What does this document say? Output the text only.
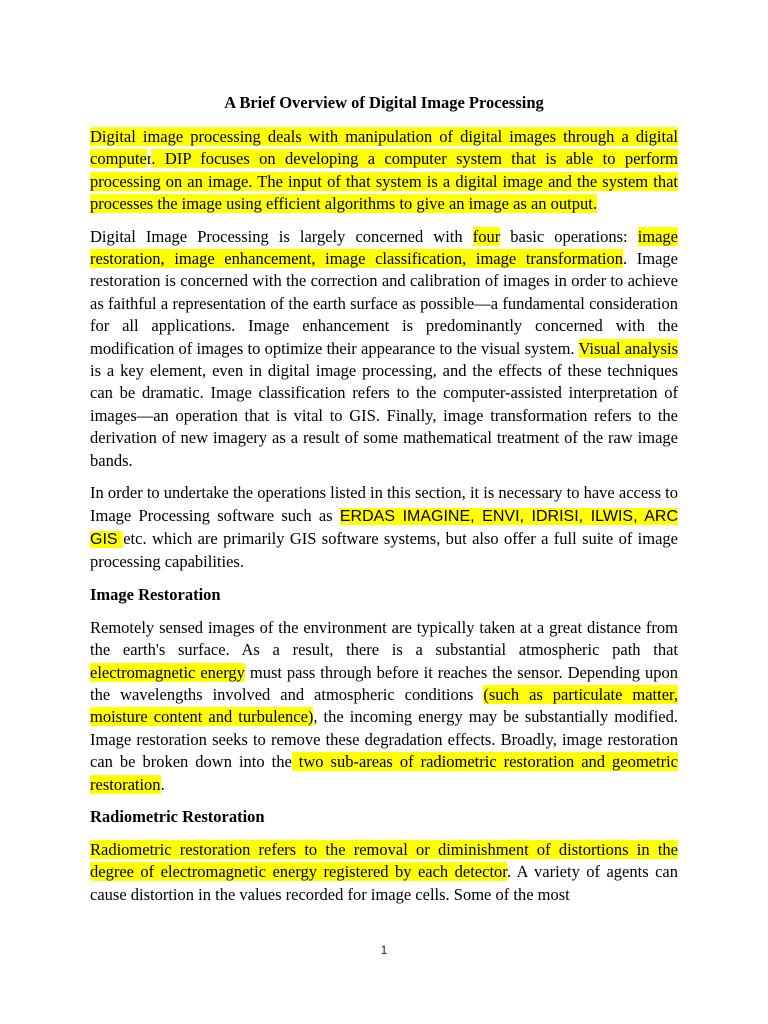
A Brief Overview of Digital Image Processing

Digital image processing deals with manipulation of digital images through a digital computer. DIP focuses on developing a computer system that is able to perform processing on an image. The input of that system is a digital image and the system that processes the image using efficient algorithms to give an image as an output.

Digital Image Processing is largely concerned with four basic operations: image restoration, image enhancement, image classification, image transformation. Image restoration is concerned with the correction and calibration of images in order to achieve as faithful a representation of the earth surface as possible—a fundamental consideration for all applications. Image enhancement is predominantly concerned with the modification of images to optimize their appearance to the visual system. Visual analysis is a key element, even in digital image processing, and the effects of these techniques can be dramatic. Image classification refers to the computer-assisted interpretation of images—an operation that is vital to GIS. Finally, image transformation refers to the derivation of new imagery as a result of some mathematical treatment of the raw image bands.

In order to undertake the operations listed in this section, it is necessary to have access to Image Processing software such as ERDAS IMAGINE, ENVI, IDRISI, ILWIS, ARC GIS etc. which are primarily GIS software systems, but also offer a full suite of image processing capabilities.

Image Restoration

Remotely sensed images of the environment are typically taken at a great distance from the earth's surface. As a result, there is a substantial atmospheric path that electromagnetic energy must pass through before it reaches the sensor. Depending upon the wavelengths involved and atmospheric conditions (such as particulate matter, moisture content and turbulence), the incoming energy may be substantially modified. Image restoration seeks to remove these degradation effects. Broadly, image restoration can be broken down into the two sub-areas of radiometric restoration and geometric restoration.

Radiometric Restoration

Radiometric restoration refers to the removal or diminishment of distortions in the degree of electromagnetic energy registered by each detector. A variety of agents can cause distortion in the values recorded for image cells. Some of the most

1
